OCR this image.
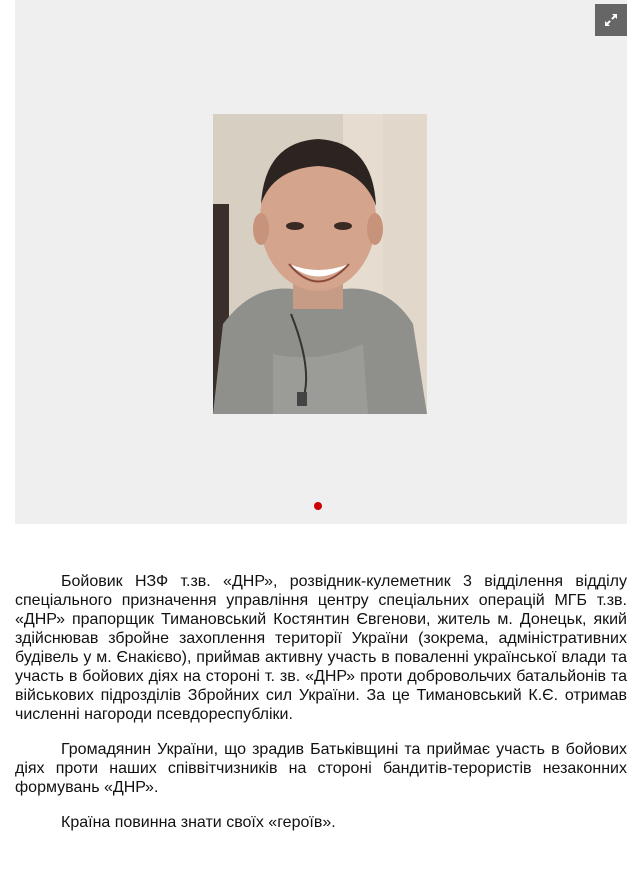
Бойовик НЗФ т.зв. «ДНР», розвідник-кулеметник 3 відділення відділу спеціального призначення управління центру спеціальних операцій МГБ т.зв. «ДНР» прапорщик Тимановський Костянтин Євгенови, житель м. Донецьк, який здійснював збройне захоплення території України (зокрема, адміністративних будівель у м. Єнакієво), приймав активну участь в поваленні української влади та участь в бойових діях на стороні т. зв. «ДНР» проти добровольчих батальйонів та військових підрозділів Збройних сил України. За це Тимановський К.Є. отримав численні нагороди псевдореспубліки.

Громадянин України, що зрадив Батьківщині та приймає участь в бойових діях проти наших співвітчизників на стороні бандитів-терористів незаконних формувань «ДНР».

Країна повинна знати своїх «героїв».
